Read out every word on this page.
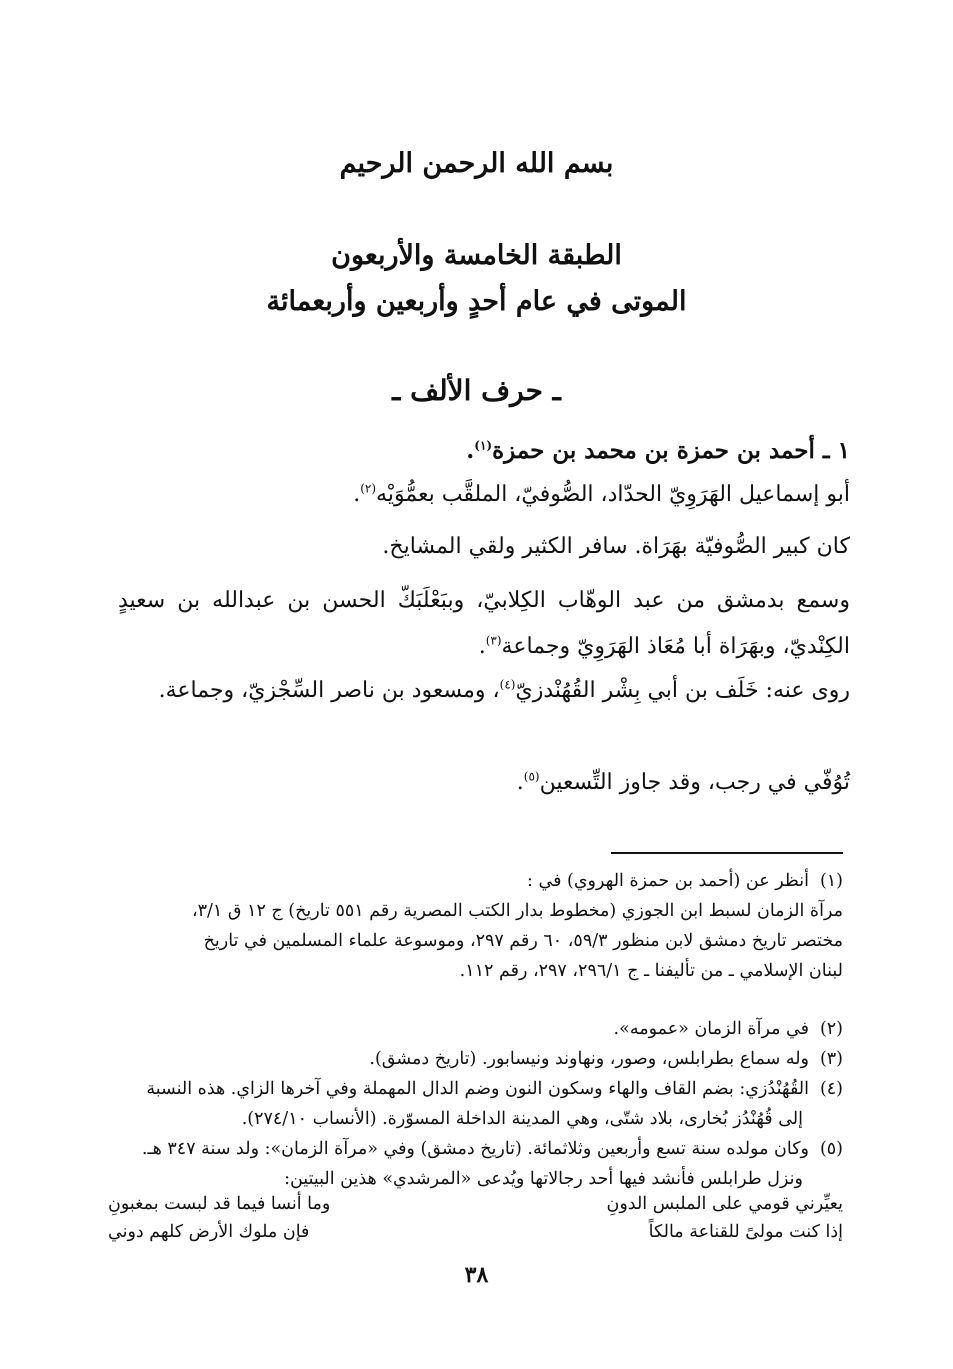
بسم الله الرحمن الرحيم
الطبقة الخامسة والأربعون
الموتى في عام أحدٍ وأربعين وأربعمائة
ـ حرف الألف ـ
١ ـ أحمد بن حمزة بن محمد بن حمزة$^{(١)}$.
أبو إسماعيل الهَرَوِيّ الحدّاد، الصُّوفيّ، الملقَّب بعمُّوَيْه$^{(٢)}$.
كان كبير الصُّوفيّة بهَرَاة. سافر الكثير ولقي المشايخ.
وسمع بدمشق من عبد الوهّاب الكِلابيّ، وببَعْلَبَكّ الحسن بن عبدالله بن سعيدٍ الكِنْديّ، وبهَرَاة أبا مُعَاذ الهَرَوِيّ وجماعة$^{(٣)}$.
روى عنه: خَلَف بن أبي بِشْر القُهُنْدزيّ$^{(٤)}$، ومسعود بن ناصر السِّجْزيّ، وجماعة.
تُوُفّي في رجب، وقد جاوز التِّسعين$^{(٥)}$.
(١)أنظر عن (أحمد بن حمزة الهروي) في :
مرآة الزمان لسبط ابن الجوزي (مخطوط بدار الكتب المصرية رقم ٥٥١ تاريخ) ج ١٢ ق ٣/١،
مختصر تاريخ دمشق لابن منظور ٥٩/٣، ٦٠ رقم ٢٩٧، وموسوعة علماء المسلمين في تاريخ
لبنان الإسلامي ـ من تأليفنا ـ ج ٢٩٦/١، ٢٩٧، رقم ١١٢.
(٢)في مرآة الزمان «عمومه».
(٣)وله سماع بطرابلس، وصور، ونهاوند ونيسابور. (تاريخ دمشق).
(٤)القُهُنْدُزي: بضم القاف والهاء وسكون النون وضم الدال المهملة وفي آخرها الزاي. هذه النسبة
إلى قُهُنْدُز بُخارى، بلاد شتّى، وهي المدينة الداخلة المسوّرة. (الأنساب ٢٧٤/١٠).
(٥)وكان مولده سنة تسع وأربعين وثلاثمائة. (تاريخ دمشق) وفي «مرآة الزمان»: ولد سنة ٣٤٧ هـ.
ونزل طرابلس فأنشد فيها أحد رجالاتها ويُدعى «المرشدي» هذين البيتين:
يعيِّرني قومي على الملبس الدونِ
وما أنسا فيما قد لبست بمغبونِ
إذا كنت مولىً للقناعة مالكاً
فإن ملوك الأرض كلهم دوني
٣٨
